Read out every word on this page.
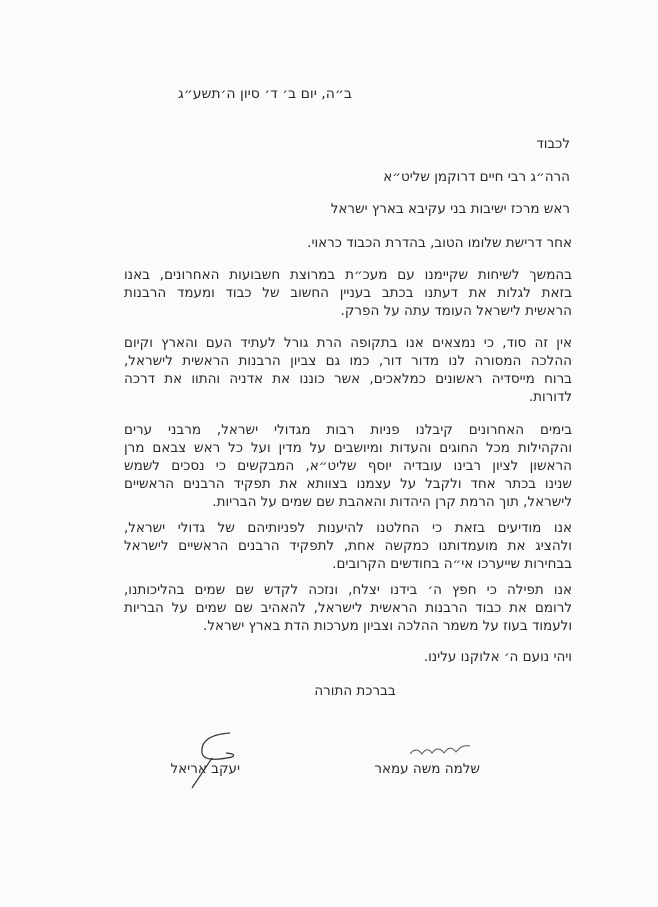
ב״ה, יום ב׳ ד׳ סיון ה׳תשע״ג
לכבוד
הרה״ג רבי חיים דרוקמן שליט״א
ראש מרכז ישיבות בני עקיבא בארץ ישראל
אחר דרישת שלומו הטוב, בהדרת הכבוד כראוי.
בהמשך לשיחות שקיימנו עם מעכ״ת במרוצת חשבועות האחרונים, באנו
בזאת לגלות את דעתנו בכתב בעניין החשוב של כבוד ומעמד הרבנות
הראשית לישראל העומד עתה על הפרק.
אין זה סוד, כי נמצאים אנו בתקופה הרת גורל לעתיד העם והארץ וקיום
ההלכה המסורה לנו מדור דור, כמו גם צביון הרבנות הראשית לישראל,
ברוח מייסדיה ראשונים כמלאכים, אשר כוננו את אדניה והתוו את דרכה
לדורות.
בימים האחרונים קיבלנו פניות רבות מגדולי ישראל, מרבני ערים
והקהילות מכל החוגים והעדות ומיושבים על מדין ועל כל ראש צבאם מרן
הראשון לציון רבינו עובדיה יוסף שליט״א, המבקשים כי נסכים לשמש
שנינו בכתר אחד ולקבל על עצמנו בצוותא את תפקיד הרבנים הראשיים
לישראל, תוך הרמת קרן היהדות והאהבת שם שמים על הבריות.
אנו מודיעים בזאת כי החלטנו להיענות לפניותיהם של גדולי ישראל,
ולהציג את מועמדותנו כמקשה אחת, לתפקיד הרבנים הראשיים לישראל
בבחירות שייערכו אי״ה בחודשים הקרובים.
אנו תפילה כי חפץ ה׳ בידנו יצלח, ונזכה לקדש שם שמים בהליכותנו,
לרומם את כבוד הרבנות הראשית לישראל, להאהיב שם שמים על הבריות
ולעמוד בעוז על משמר ההלכה וצביון מערכות הדת בארץ ישראל.
ויהי נועם ה׳ אלוקנו עלינו.
בברכת התורה
שלמה משה עמאר
יעקב אריאל
